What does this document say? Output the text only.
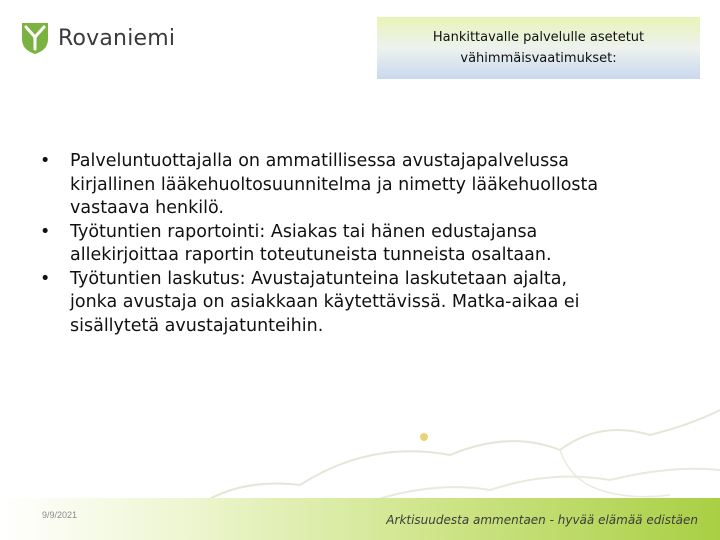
Rovaniemi	Hankittavalle palvelulle asetetut
vähimmäisvaatimukset:
• Palveluntuottajalla on ammatillisessa avustajapalvelussa
kirjallinen lääkehuoltosuunnitelma ja nimetty lääkehuollosta
vastaava henkilö.
• Työtuntien raportointi: Asiakas tai hänen edustajansa
allekirjoittaa raportin toteutuneista tunneista osaltaan.
• Työtuntien laskutus: Avustajatunteina laskutetaan ajalta,
jonka avustaja on asiakkaan käytettävissä. Matka-aikaa ei
sisällytetä avustajatunteihin.
9/9/2021	Arktisuudesta ammentaen - hyvää elämää edistäen
